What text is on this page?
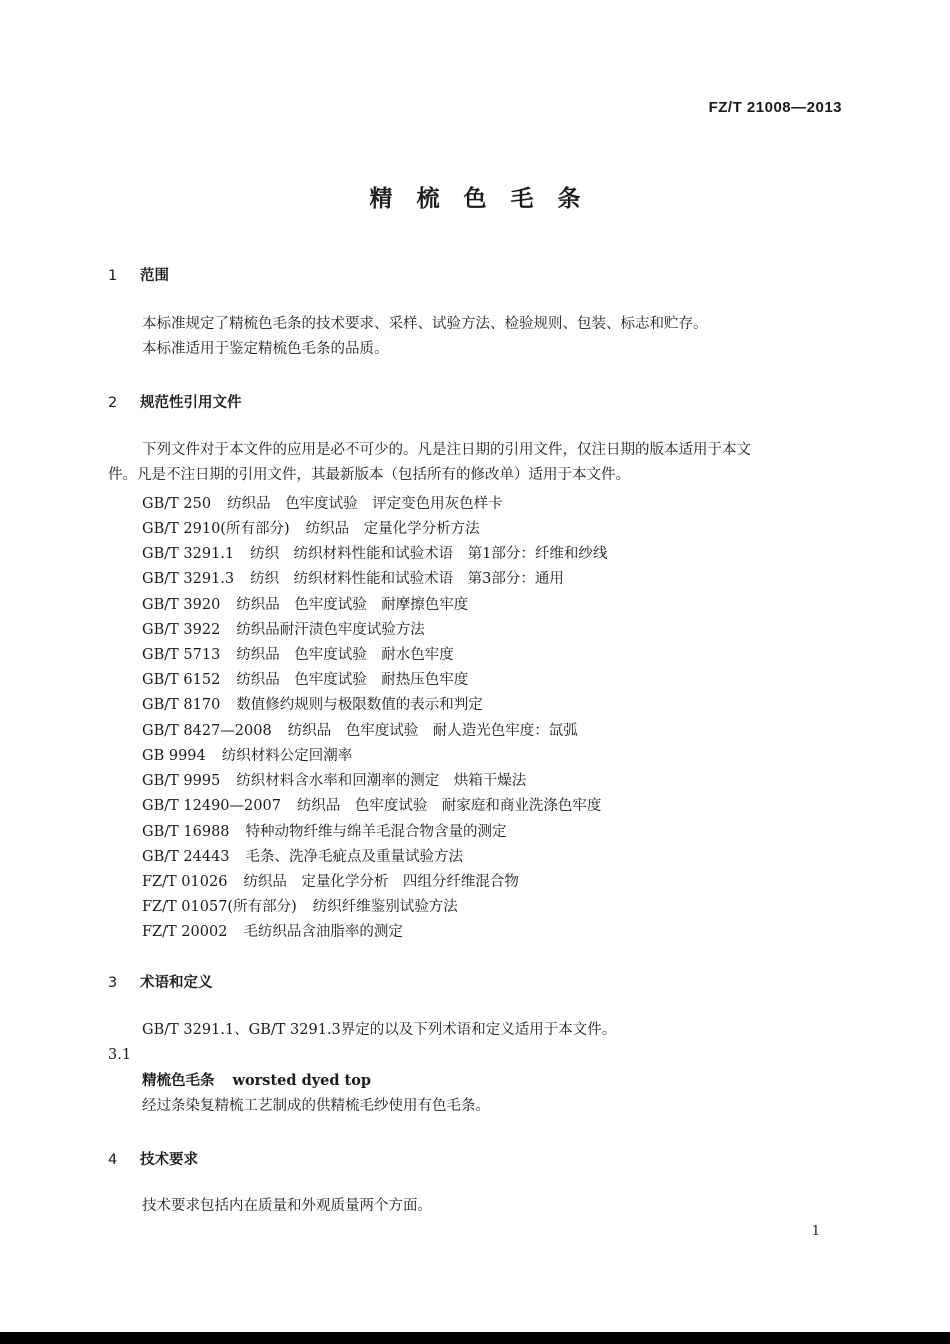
FZ/T 21008—2013
精梳色毛条
1 范围
本标准规定了精梳色毛条的技术要求、采样、试验方法、检验规则、包装、标志和贮存。
本标准适用于鉴定精梳色毛条的品质。
2 规范性引用文件
下列文件对于本文件的应用是必不可少的。凡是注日期的引用文件，仅注日期的版本适用于本文
件。凡是不注日期的引用文件，其最新版本（包括所有的修改单）适用于本文件。
GB/T 250 纺织品　色牢度试验　评定变色用灰色样卡
GB/T 2910(所有部分) 纺织品　定量化学分析方法
GB/T 3291.1 纺织　纺织材料性能和试验术语　第1部分：纤维和纱线
GB/T 3291.3 纺织　纺织材料性能和试验术语　第3部分：通用
GB/T 3920 纺织品　色牢度试验　耐摩擦色牢度
GB/T 3922 纺织品耐汗渍色牢度试验方法
GB/T 5713 纺织品　色牢度试验　耐水色牢度
GB/T 6152 纺织品　色牢度试验　耐热压色牢度
GB/T 8170 数值修约规则与极限数值的表示和判定
GB/T 8427—2008 纺织品　色牢度试验　耐人造光色牢度：氙弧
GB 9994 纺织材料公定回潮率
GB/T 9995 纺织材料含水率和回潮率的测定　烘箱干燥法
GB/T 12490—2007 纺织品　色牢度试验　耐家庭和商业洗涤色牢度
GB/T 16988 特种动物纤维与绵羊毛混合物含量的测定
GB/T 24443 毛条、洗净毛疵点及重量试验方法
FZ/T 01026 纺织品　定量化学分析　四组分纤维混合物
FZ/T 01057(所有部分) 纺织纤维鉴别试验方法
FZ/T 20002 毛纺织品含油脂率的测定
3 术语和定义
GB/T 3291.1、GB/T 3291.3界定的以及下列术语和定义适用于本文件。
3.1
精梳色毛条 worsted dyed top
经过条染复精梳工艺制成的供精梳毛纱使用有色毛条。
4 技术要求
技术要求包括内在质量和外观质量两个方面。
1
